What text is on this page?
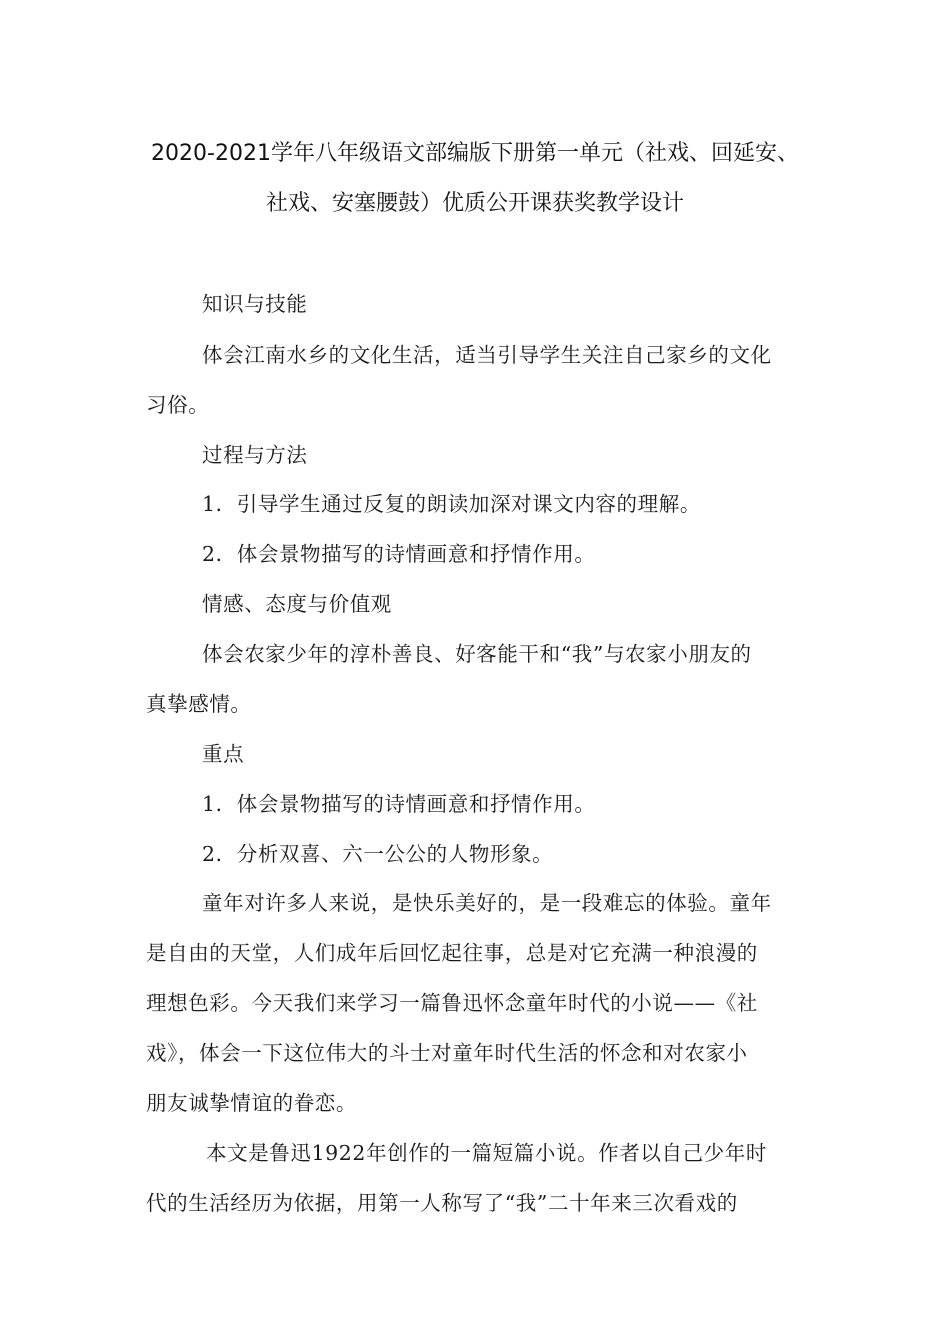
2020-2021学年八年级语文部编版下册第一单元（社戏、回延安、
社戏、安塞腰鼓）优质公开课获奖教学设计
知识与技能
体会江南水乡的文化生活，适当引导学生关注自己家乡的文化
习俗。
过程与方法
1．引导学生通过反复的朗读加深对课文内容的理解。
2．体会景物描写的诗情画意和抒情作用。
情感、态度与价值观
体会农家少年的淳朴善良、好客能干和“我”与农家小朋友的
真挚感情。
重点
1．体会景物描写的诗情画意和抒情作用。
2．分析双喜、六一公公的人物形象。
童年对许多人来说，是快乐美好的，是一段难忘的体验。童年
是自由的天堂，人们成年后回忆起往事，总是对它充满一种浪漫的
理想色彩。今天我们来学习一篇鲁迅怀念童年时代的小说——《社
戏》，体会一下这位伟大的斗士对童年时代生活的怀念和对农家小
朋友诚挚情谊的眷恋。
本文是鲁迅1922年创作的一篇短篇小说。作者以自己少年时
代的生活经历为依据，用第一人称写了“我”二十年来三次看戏的
